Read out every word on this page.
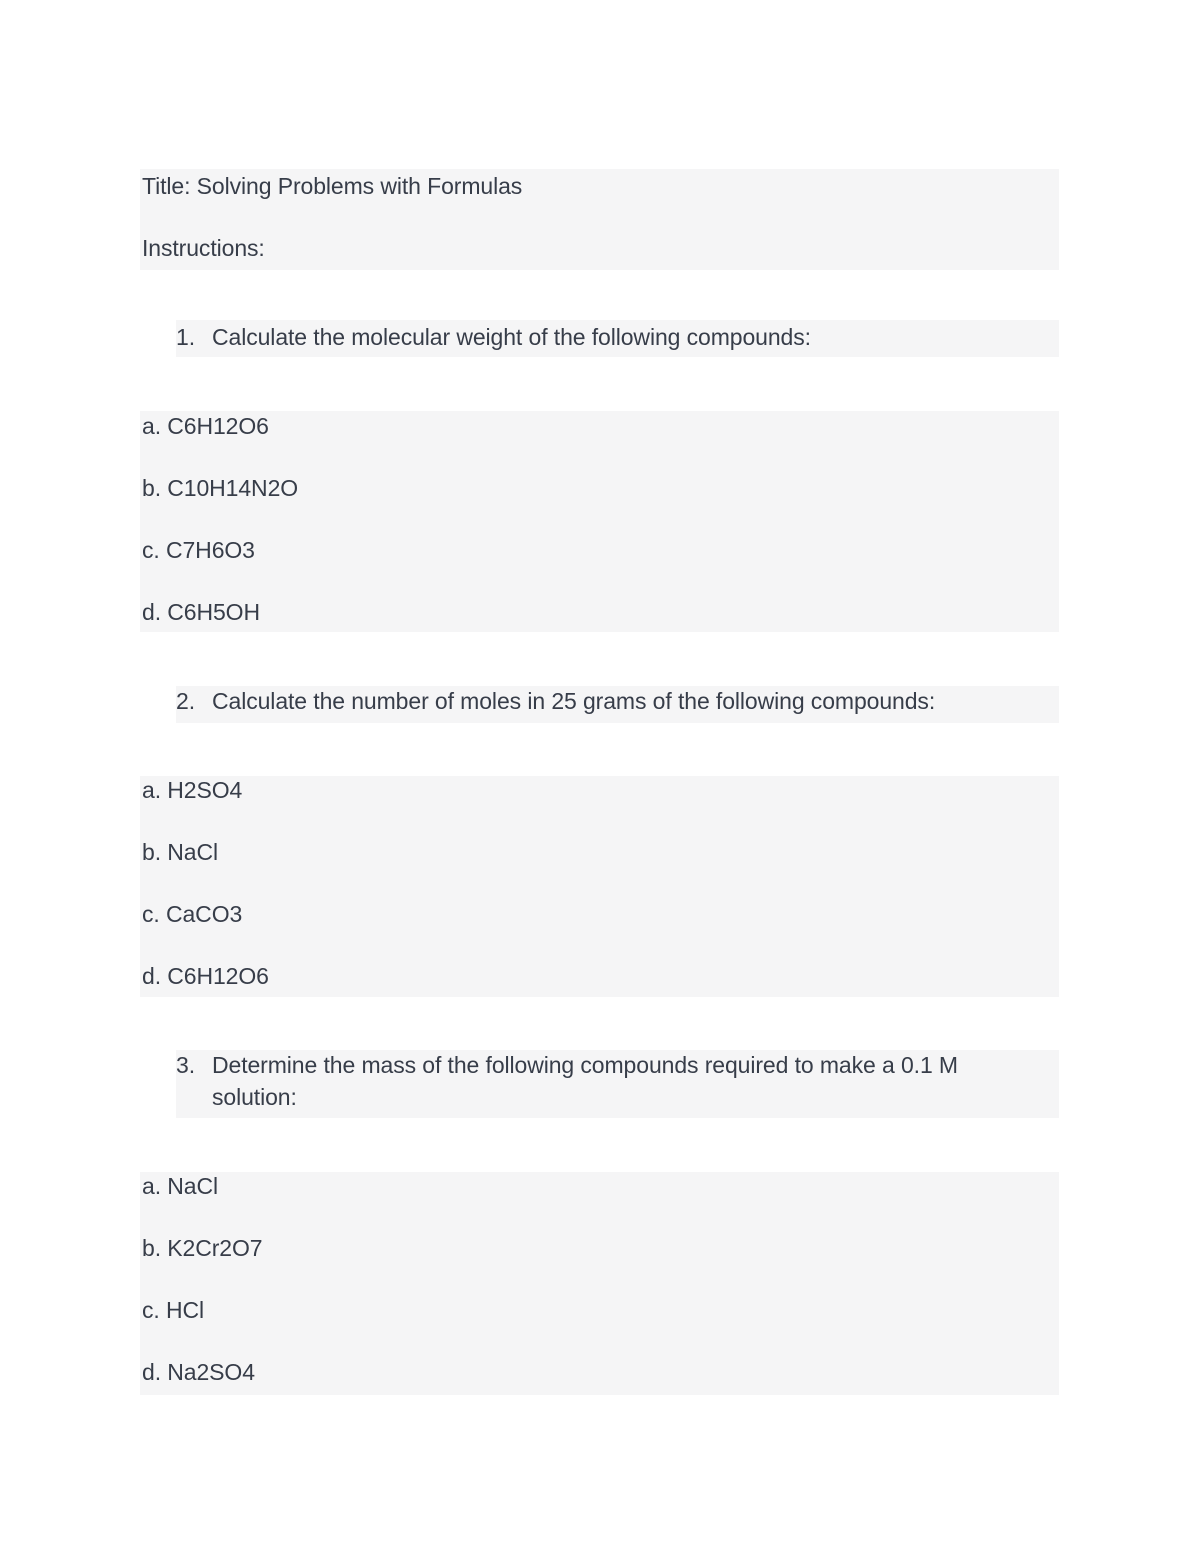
Title: Solving Problems with Formulas

Instructions:

1. Calculate the molecular weight of the following compounds:

a. C6H12O6

b. C10H14N2O

c. C7H6O3

d. C6H5OH

2. Calculate the number of moles in 25 grams of the following compounds:

a. H2SO4

b. NaCl

c. CaCO3

d. C6H12O6

3. Determine the mass of the following compounds required to make a 0.1 M
solution:

a. NaCl

b. K2Cr2O7

c. HCl

d. Na2SO4
